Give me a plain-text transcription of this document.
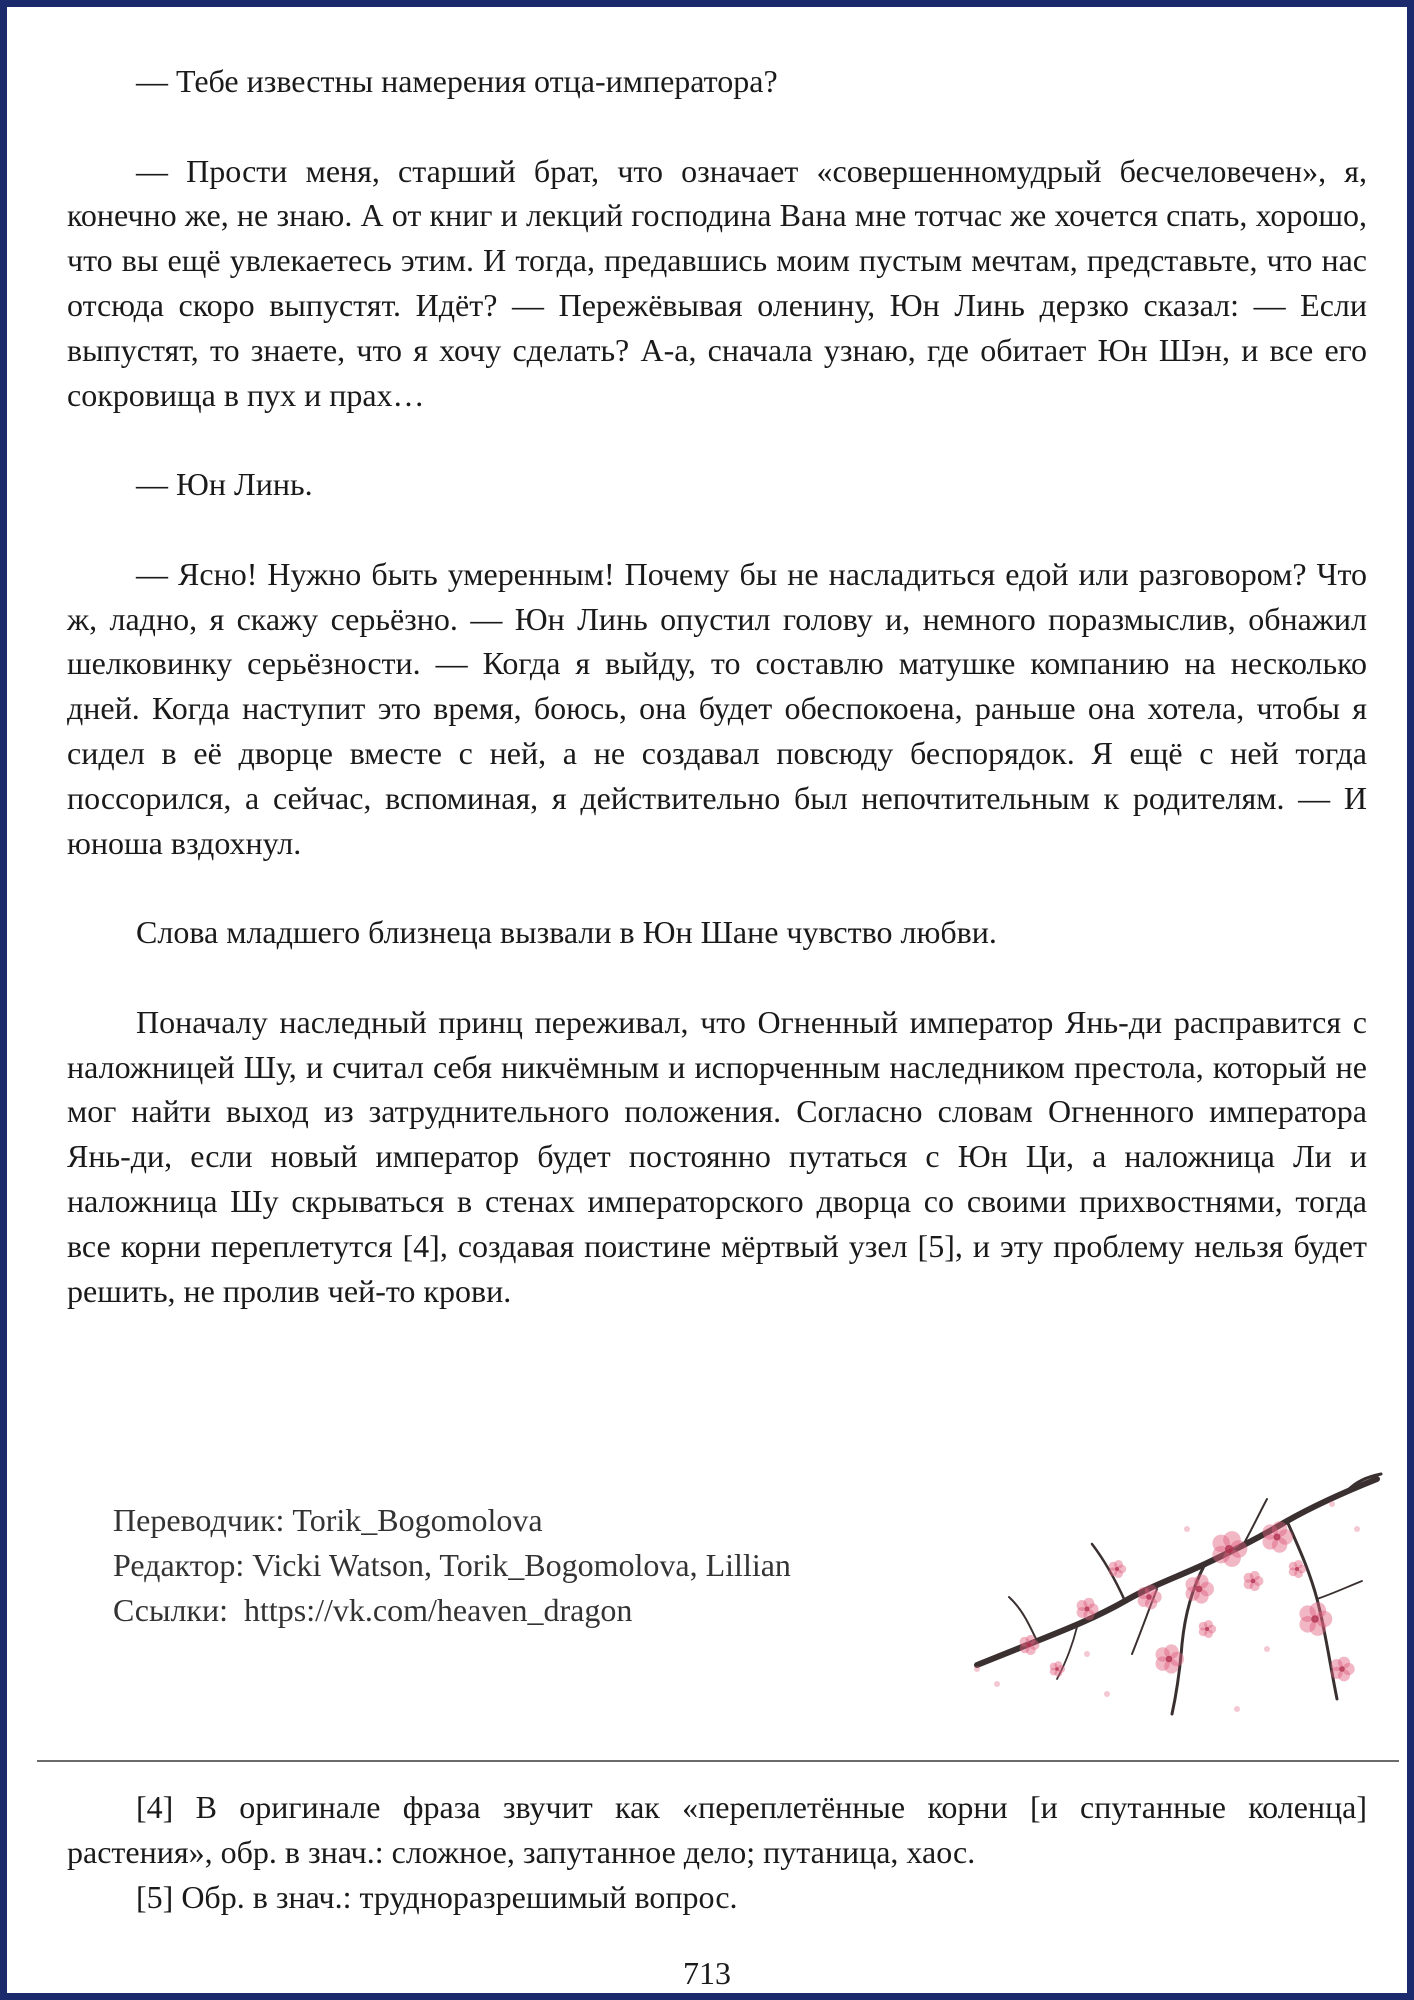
— Тебе известны намерения отца-императора?

— Прости меня, старший брат, что означает «совершенномудрый бесчеловечен», я, конечно же, не знаю. А от книг и лекций господина Вана мне тотчас же хочется спать, хорошо, что вы ещё увлекаетесь этим. И тогда, предавшись моим пустым мечтам, представьте, что нас отсюда скоро выпустят. Идёт? — Пережёвывая оленину, Юн Линь дерзко сказал: — Если выпустят, то знаете, что я хочу сделать? А-а, сначала узнаю, где обитает Юн Шэн, и все его сокровища в пух и прах…

— Юн Линь.

— Ясно! Нужно быть умеренным! Почему бы не насладиться едой или разговором? Что ж, ладно, я скажу серьёзно. — Юн Линь опустил голову и, немного поразмыслив, обнажил шелковинку серьёзности. — Когда я выйду, то составлю матушке компанию на несколько дней. Когда наступит это время, боюсь, она будет обеспокоена, раньше она хотела, чтобы я сидел в её дворце вместе с ней, а не создавал повсюду беспорядок. Я ещё с ней тогда поссорился, а сейчас, вспоминая, я действительно был непочтительным к родителям. — И юноша вздохнул.

Слова младшего близнеца вызвали в Юн Шане чувство любви.

Поначалу наследный принц переживал, что Огненный император Янь-ди расправится с наложницей Шу, и считал себя никчёмным и испорченным наследником престола, который не мог найти выход из затруднительного положения. Согласно словам Огненного императора Янь-ди, если новый император будет постоянно путаться с Юн Ци, а наложница Ли и наложница Шу скрываться в стенах императорского дворца со своими прихвостнями, тогда все корни переплетутся [4], создавая поистине мёртвый узел [5], и эту проблему нельзя будет решить, не пролив чей-то крови.

Переводчик: Torik_Bogomolova
Редактор: Vicki Watson, Torik_Bogomolova, Lillian
Ссылки: https://vk.com/heaven_dragon

[4] В оригинале фраза звучит как «переплетённые корни [и спутанные коленца] растения», обр. в знач.: сложное, запутанное дело; путаница, хаос.

[5] Обр. в знач.: трудноразрешимый вопрос.

713
